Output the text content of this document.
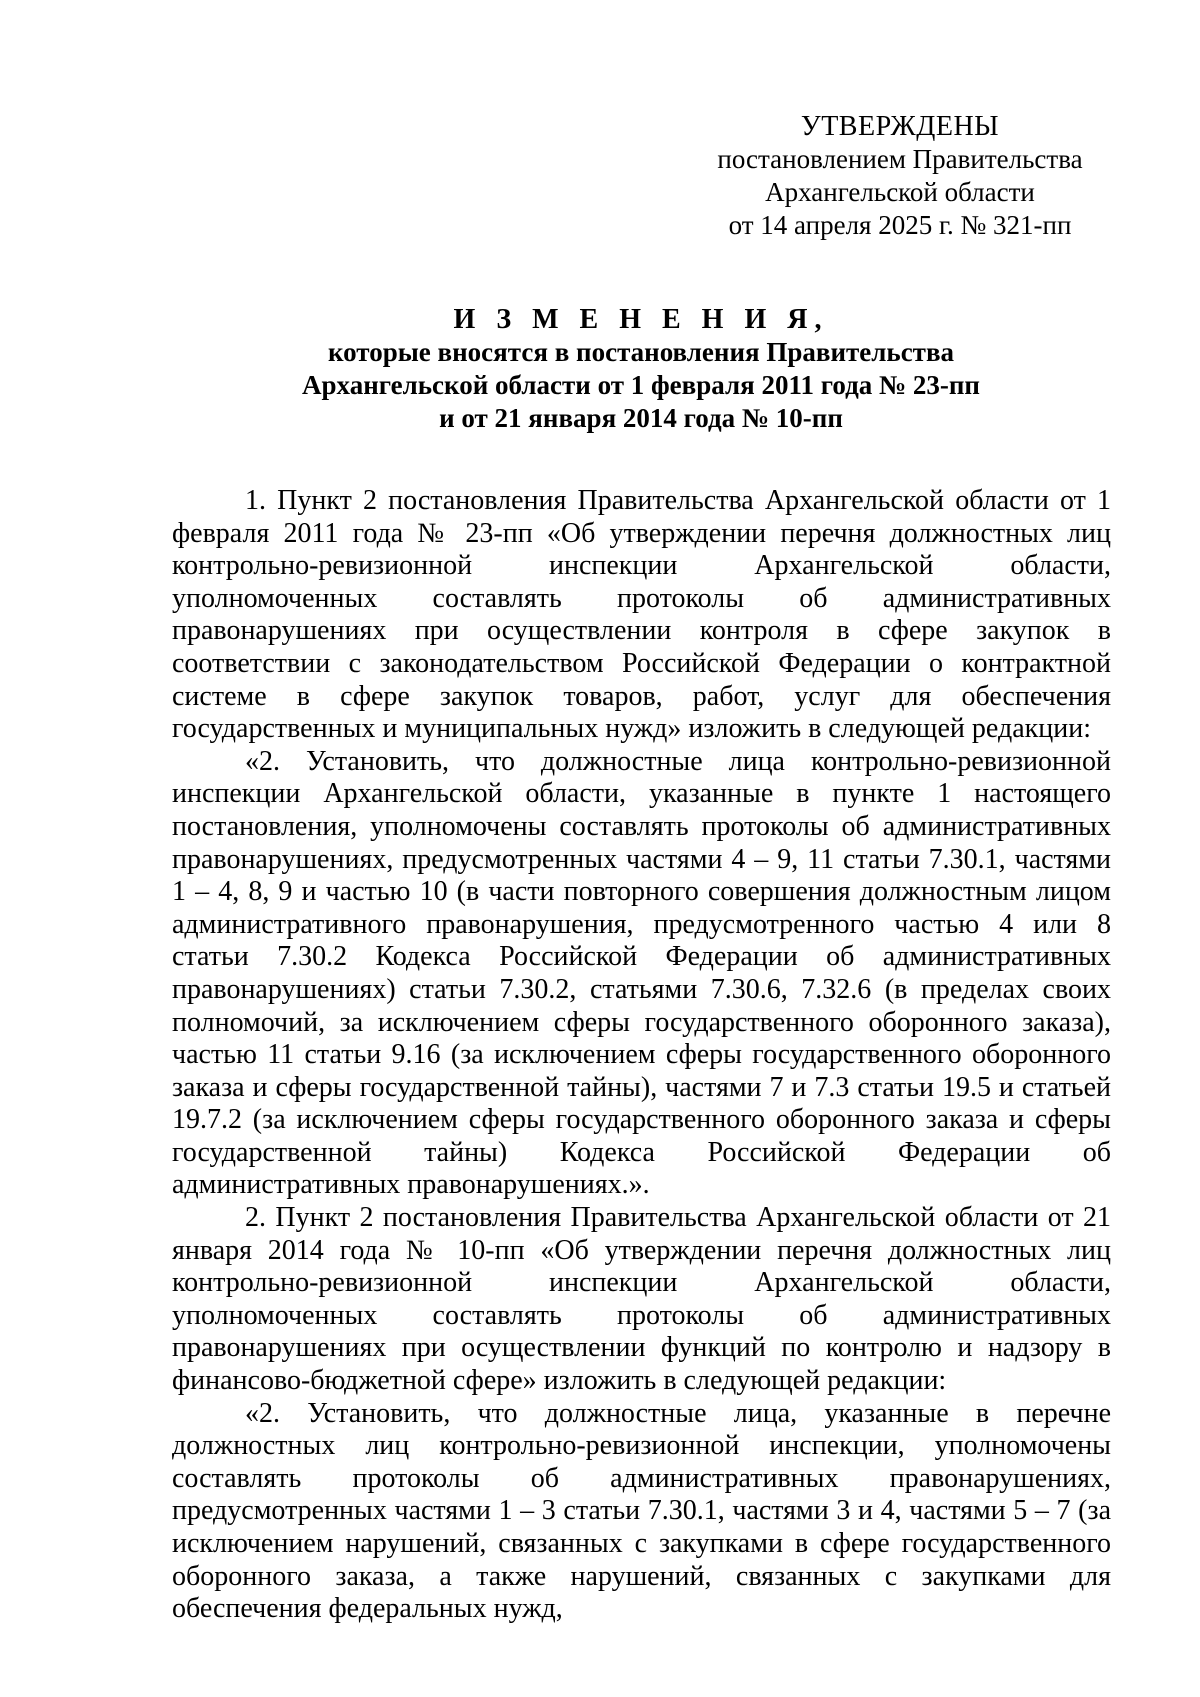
УТВЕРЖДЕНЫ
постановлением Правительства
Архангельской области
от 14 апреля 2025 г. № 321-пп
И З М Е Н Е Н И Я,
которые вносятся в постановления Правительства
Архангельской области от 1 февраля 2011 года № 23-пп
и от 21 января 2014 года № 10-пп

1. Пункт 2 постановления Правительства Архангельской области от 1 февраля 2011 года № 23-пп «Об утверждении перечня должностных лиц контрольно-ревизионной инспекции Архангельской области, уполномоченных составлять протоколы об административных правонарушениях при осуществлении контроля в сфере закупок в соответствии с законодательством Российской Федерации о контрактной системе в сфере закупок товаров, работ, услуг для обеспечения государственных и муниципальных нужд» изложить в следующей редакции:

«2. Установить, что должностные лица контрольно-ревизионной инспекции Архангельской области, указанные в пункте 1 настоящего постановления, уполномочены составлять протоколы об административных правонарушениях, предусмотренных частями 4 – 9, 11 статьи 7.30.1, частями 1 – 4, 8, 9 и частью 10 (в части повторного совершения должностным лицом административного правонарушения, предусмотренного частью 4 или 8 статьи 7.30.2 Кодекса Российской Федерации об административных правонарушениях) статьи 7.30.2, статьями 7.30.6, 7.32.6 (в пределах своих полномочий, за исключением сферы государственного оборонного заказа), частью 11 статьи 9.16 (за исключением сферы государственного оборонного заказа и сферы государственной тайны), частями 7 и 7.3 статьи 19.5 и статьей 19.7.2 (за исключением сферы государственного оборонного заказа и сферы государственной тайны) Кодекса Российской Федерации об административных правонарушениях.».

2. Пункт 2 постановления Правительства Архангельской области от 21 января 2014 года № 10-пп «Об утверждении перечня должностных лиц контрольно-ревизионной инспекции Архангельской области, уполномоченных составлять протоколы об административных правонарушениях при осуществлении функций по контролю и надзору в финансово-бюджетной сфере» изложить в следующей редакции:

«2. Установить, что должностные лица, указанные в перечне должностных лиц контрольно-ревизионной инспекции, уполномочены составлять протоколы об административных правонарушениях, предусмотренных частями 1 – 3 статьи 7.30.1, частями 3 и 4, частями 5 – 7 (за исключением нарушений, связанных с закупками в сфере государственного оборонного заказа, а также нарушений, связанных с закупками для обеспечения федеральных нужд,
